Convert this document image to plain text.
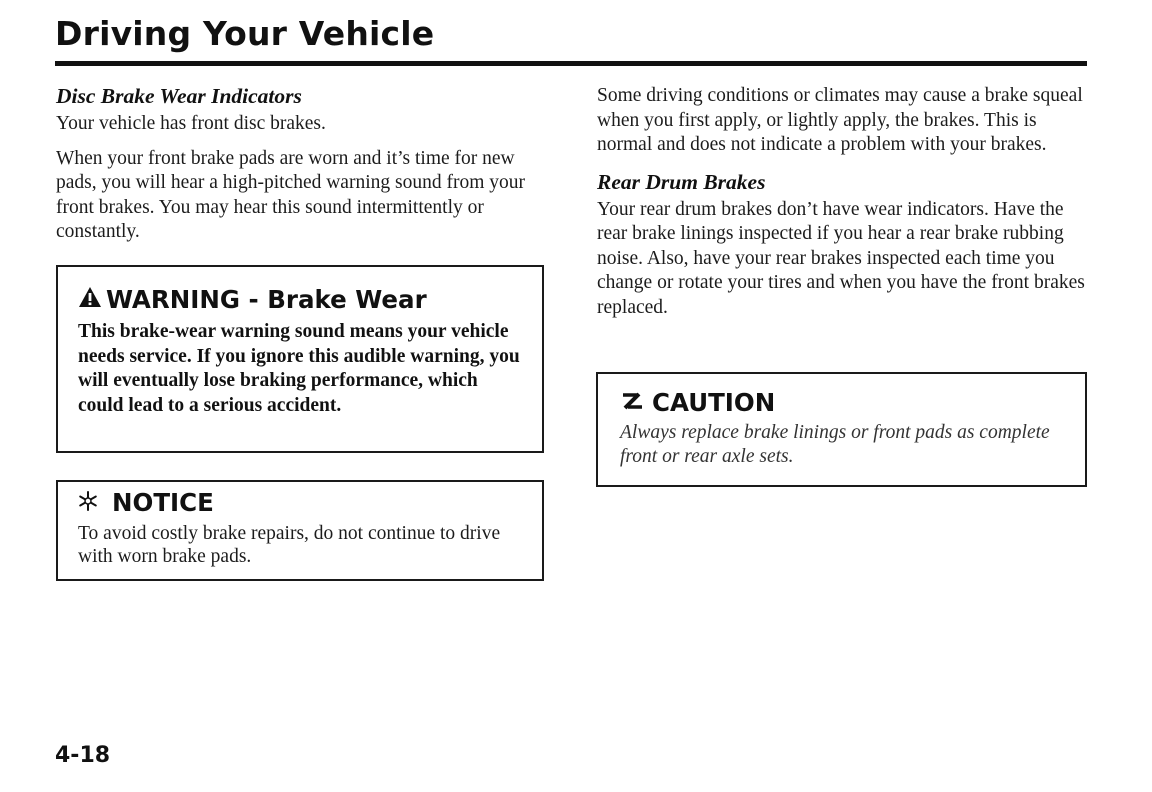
Driving Your Vehicle
Disc Brake Wear Indicators

Your vehicle has front disc brakes.

When your front brake pads are worn and it’s time for new pads, you will hear a high-pitched warning sound from your front brakes. You may hear this sound intermittently or constantly.

WARNING - Brake Wear

This brake-wear warning sound means your vehicle needs service. If you ignore this audible warning, you will eventually lose braking performance, which could lead to a serious accident.

NOTICE

To avoid costly brake repairs, do not continue to drive with worn brake pads.

Some driving conditions or climates may cause a brake squeal when you first apply, or lightly apply, the brakes. This is normal and does not indicate a problem with your brakes.

Rear Drum Brakes

Your rear drum brakes don’t have wear indicators. Have the rear brake linings inspected if you hear a rear brake rubbing noise. Also, have your rear brakes inspected each time you change or rotate your tires and when you have the front brakes replaced.

CAUTION

Always replace brake linings or front pads as complete front or rear axle sets.

4-18
